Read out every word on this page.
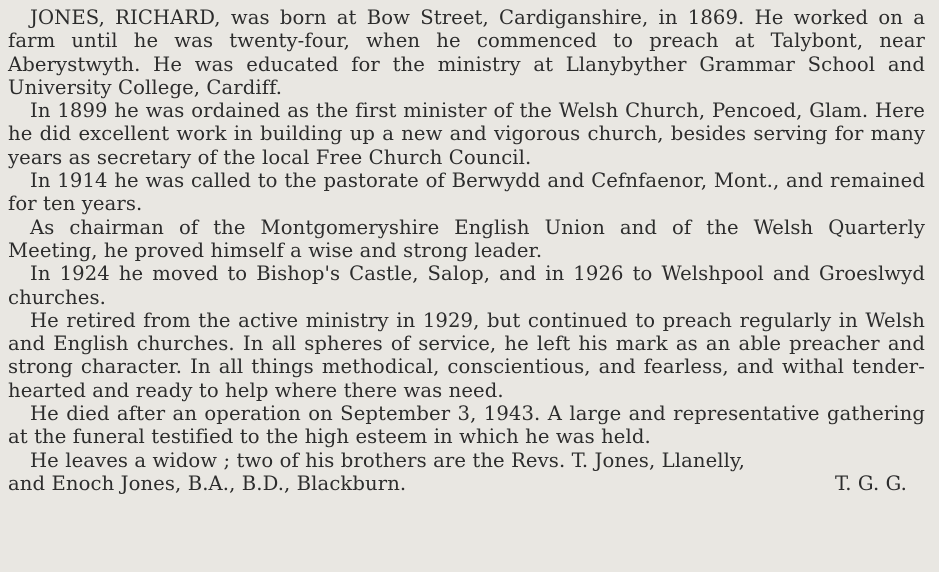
JONES, RICHARD, was born at Bow Street, Cardiganshire, in 1869. He worked on a farm until he was twenty-four, when he commenced to preach at Talybont, near Aberystwyth. He was educated for the ministry at Llanybyther Grammar School and University College, Cardiff.

In 1899 he was ordained as the first minister of the Welsh Church, Pencoed, Glam. Here he did excellent work in building up a new and vigorous church, besides serving for many years as secretary of the local Free Church Council.

In 1914 he was called to the pastorate of Berwydd and Cefnfaenor, Mont., and remained for ten years.

As chairman of the Montgomeryshire English Union and of the Welsh Quarterly Meeting, he proved himself a wise and strong leader.

In 1924 he moved to Bishop's Castle, Salop, and in 1926 to Welshpool and Groeslwyd churches.

He retired from the active ministry in 1929, but continued to preach regularly in Welsh and English churches. In all spheres of service, he left his mark as an able preacher and strong character. In all things methodical, conscientious, and fearless, and withal tender-hearted and ready to help where there was need.

He died after an operation on September 3, 1943. A large and representative gathering at the funeral testified to the high esteem in which he was held.

He leaves a widow ; two of his brothers are the Revs. T. Jones, Llanelly,

and Enoch Jones, B.A., B.D., Blackburn.	T. G. G.
